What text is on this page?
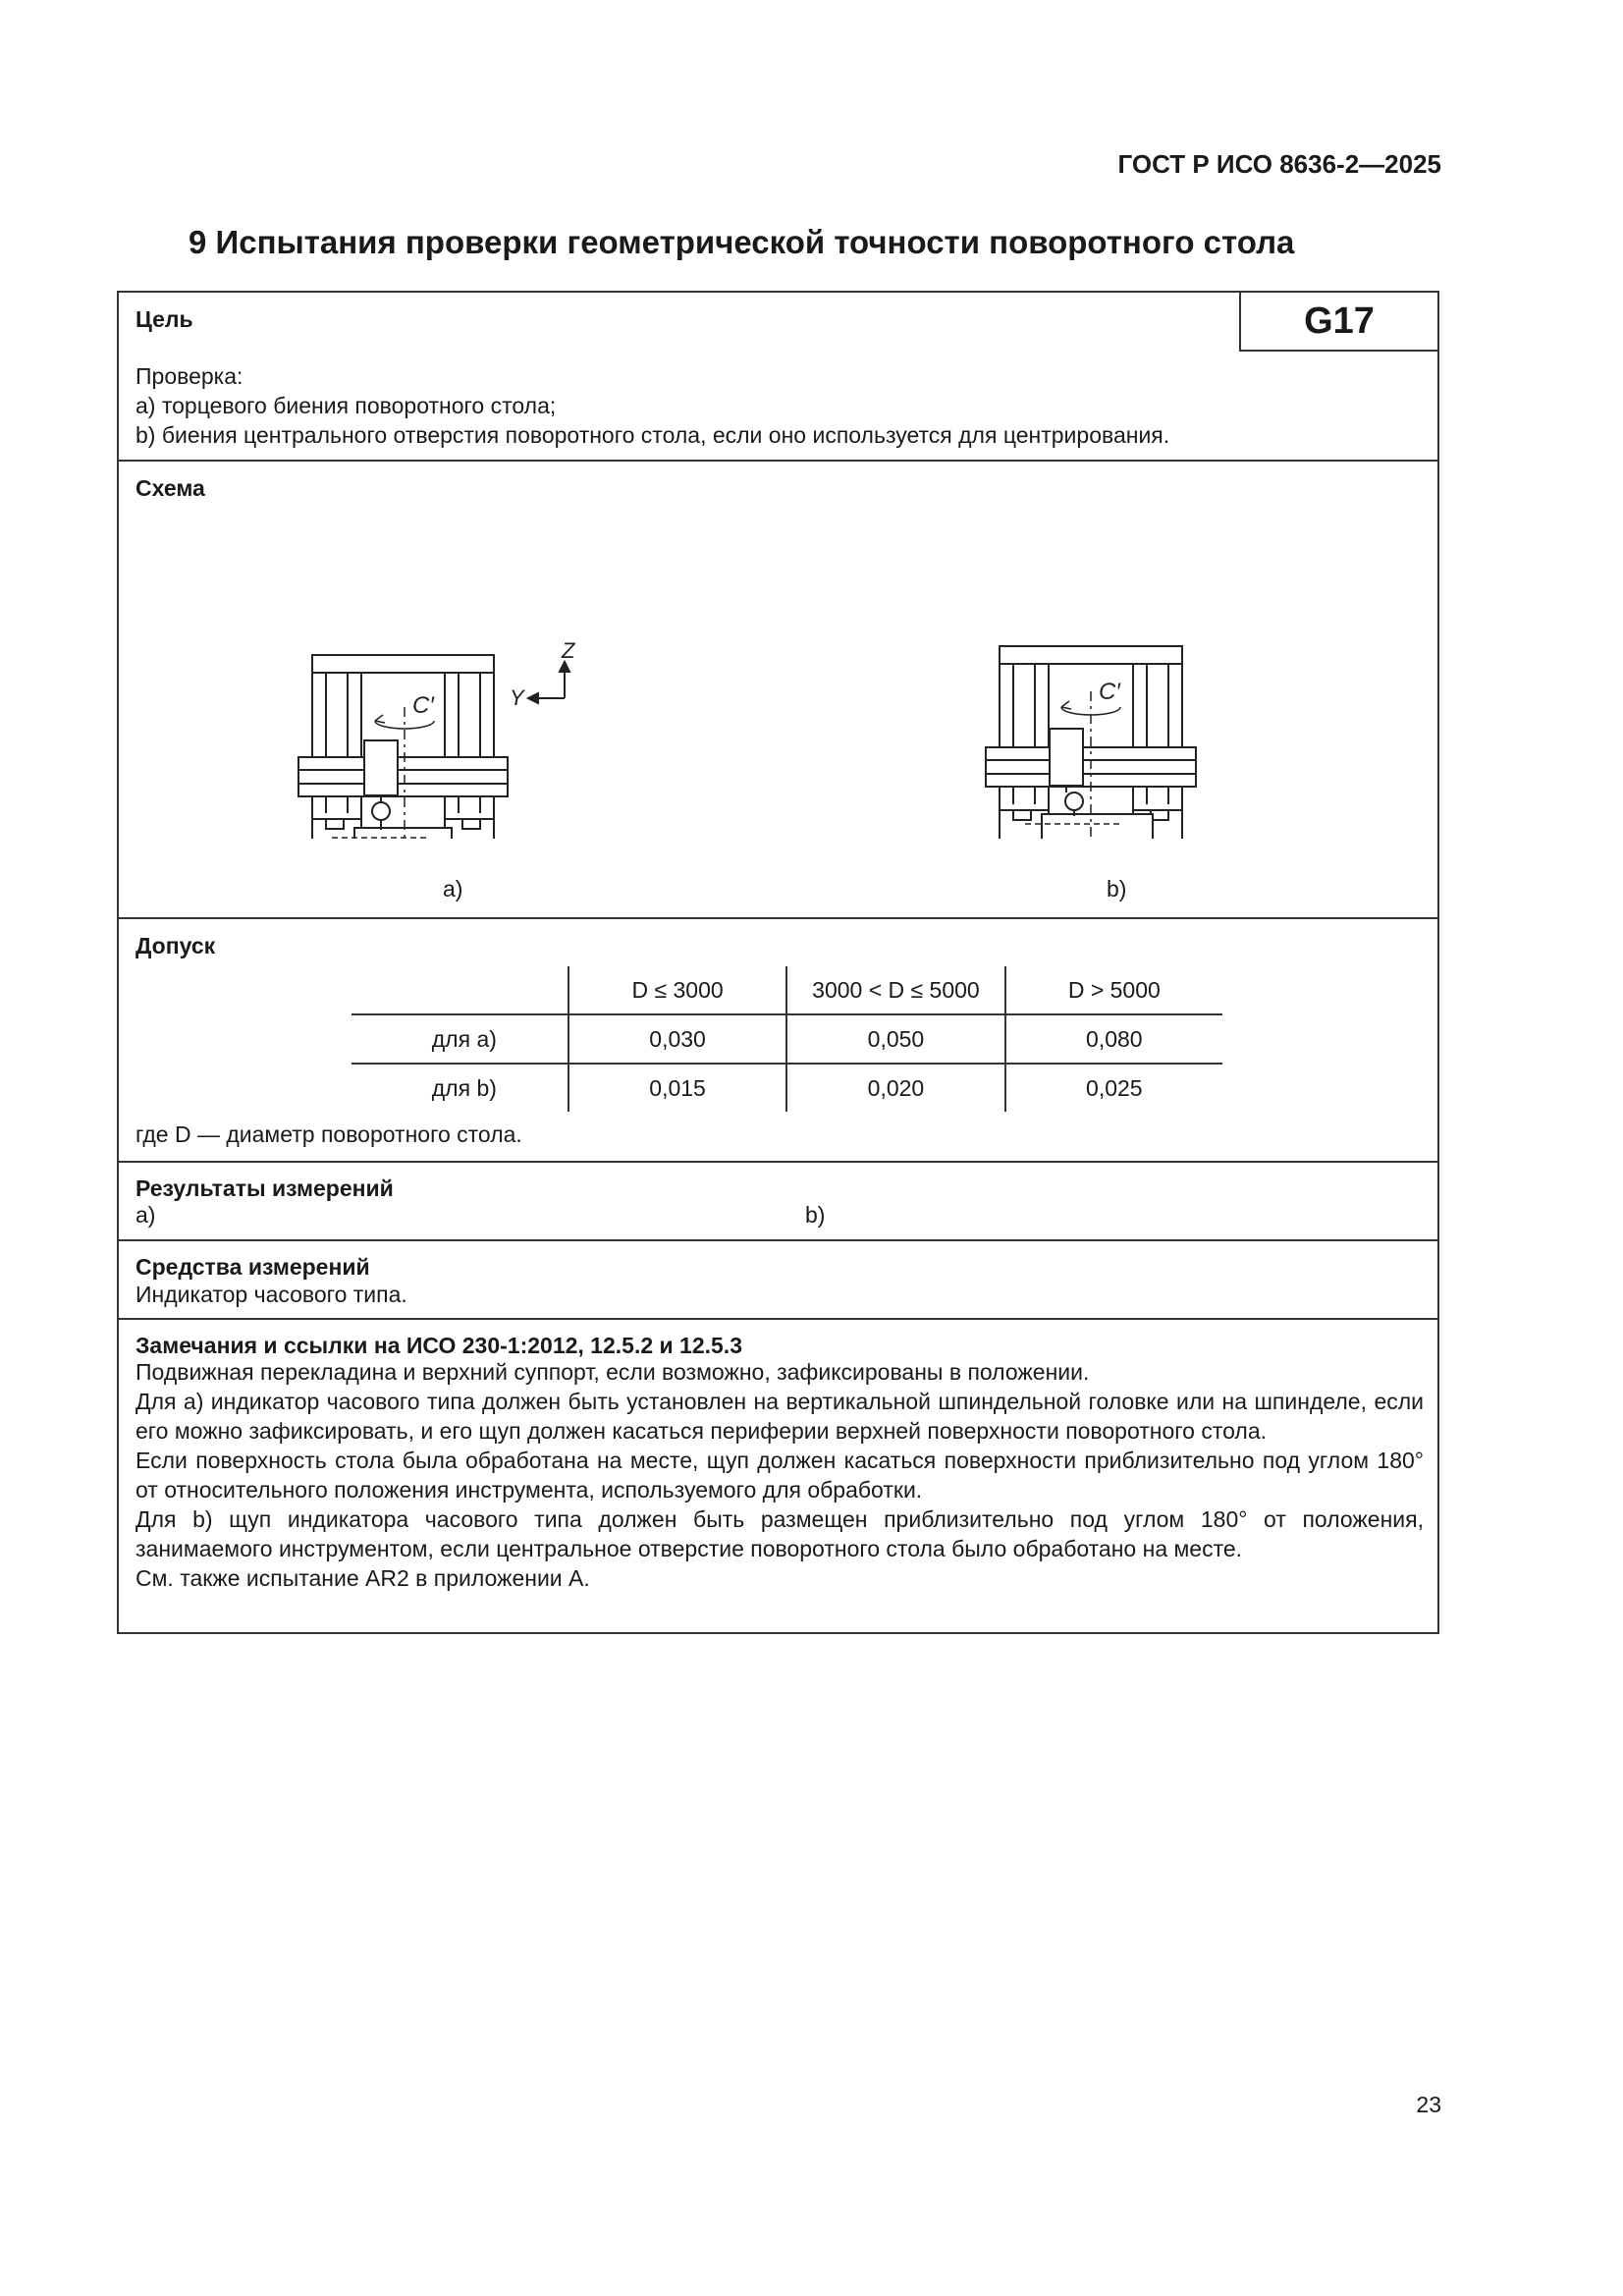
ГОСТ Р ИСО 8636-2—2025
9 Испытания проверки геометрической точности поворотного стола
G17
Цель
Проверка:
a) торцевого биения поворотного стола;
b) биения центрального отверстия поворотного стола, если оно используется для центрирования.
Схема
C′
Z
Y	C′
a)	b)
Допуск
	D ≤ 3000	3000 < D ≤ 5000	D > 5000
для a)	0,030	0,050	0,080
для b)	0,015	0,020	0,025
где D — диаметр поворотного стола.
Результаты измерений
a)	b)
Средства измерений
Индикатор часового типа.
Замечания и ссылки на ИСО 230-1:2012, 12.5.2 и 12.5.3
Подвижная перекладина и верхний суппорт, если возможно, зафиксированы в положении.
Для a) индикатор часового типа должен быть установлен на вертикальной шпиндельной головке или на шпинделе, если его можно зафиксировать, и его щуп должен касаться периферии верхней поверхности поворотного стола.
Если поверхность стола была обработана на месте, щуп должен касаться поверхности приблизительно под углом 180° от относительного положения инструмента, используемого для обработки.
Для b) щуп индикатора часового типа должен быть размещен приблизительно под углом 180° от положения, занимаемого инструментом, если центральное отверстие поворотного стола было обработано на месте.
См. также испытание AR2 в приложении A.
23
